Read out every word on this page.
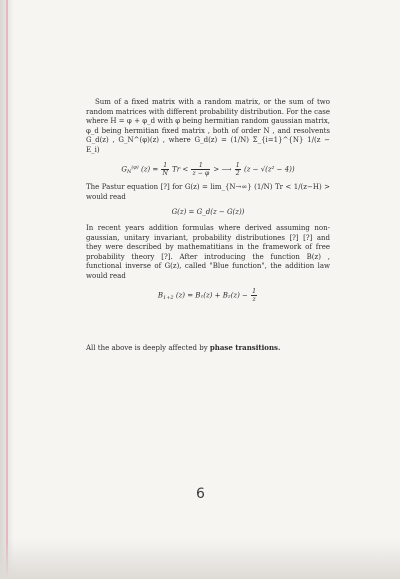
Sum of a fixed matrix with a random matrix, or the sum of two random matrices with different probability distribution. For the case where H = φ + φ_d with φ being hermitian random gaussian matrix, φ_d being hermitian fixed matrix , both of order N , and resolvents G_d(z) , G_N^(φ)(z) , where G_d(z) = (1/N) Σ_{i=1}^{N} 1/(z − E_i)

$G_N^{(\varphi)}$ $(z) = \frac{1}{N}$ $Tr < \frac{1}{z - \varphi}$ > ⟶ $\frac{1}{2} (z - √(z^2 - 4))$

The Pastur equation [?] for G(z) = lim_{N→∞} (1/N) Tr < 1/(z−H) > would read

G(z) = G_d(z − G(z))

In recent years addition formulas where derived assuming non-gaussian, unitary invariant, probability distributiones [?] [?] and they were described by mathematitians in the framework of free probability theory [?]. After introducing the function B(z) , functional inverse of G(z), called "Blue function", the addition law would read

$B_{1+2}$ $(z) = B_1(z) + B_2(z) - \frac{1}{z}$

All the above is deeply affected by phase transitions.

6
